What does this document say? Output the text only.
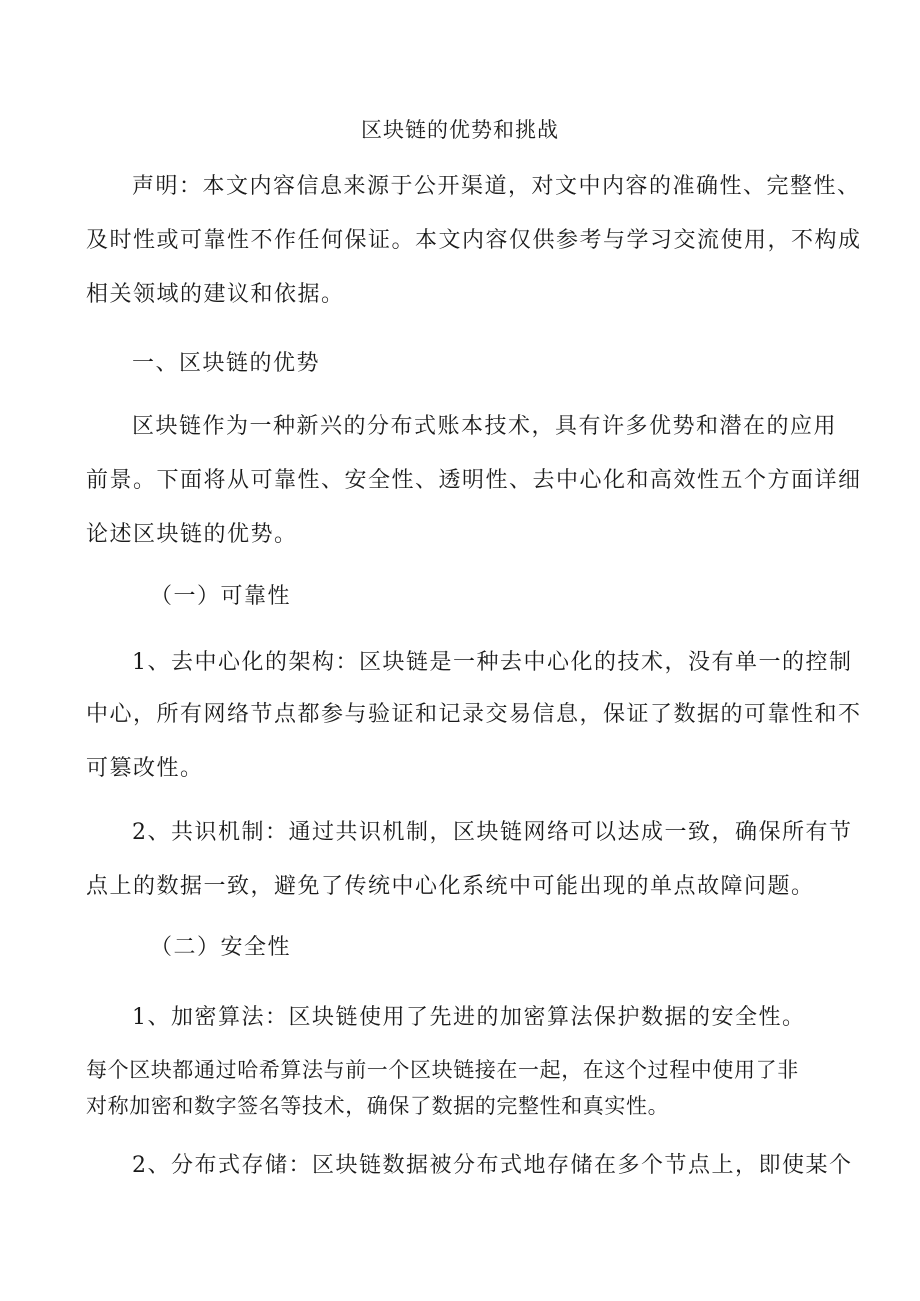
区块链的优势和挑战
声明：本文内容信息来源于公开渠道，对文中内容的准确性、完整性、
及时性或可靠性不作任何保证。本文内容仅供参考与学习交流使用，不构成
相关领域的建议和依据。
一、区块链的优势
区块链作为一种新兴的分布式账本技术，具有许多优势和潜在的应用
前景。下面将从可靠性、安全性、透明性、去中心化和高效性五个方面详细
论述区块链的优势。
（一）可靠性
1、去中心化的架构：区块链是一种去中心化的技术，没有单一的控制
中心，所有网络节点都参与验证和记录交易信息，保证了数据的可靠性和不
可篡改性。
2、共识机制：通过共识机制，区块链网络可以达成一致，确保所有节
点上的数据一致，避免了传统中心化系统中可能出现的单点故障问题。
（二）安全性
1、加密算法：区块链使用了先进的加密算法保护数据的安全性。
每个区块都通过哈希算法与前一个区块链接在一起，在这个过程中使用了非
对称加密和数字签名等技术，确保了数据的完整性和真实性。
2、分布式存储：区块链数据被分布式地存储在多个节点上，即使某个
